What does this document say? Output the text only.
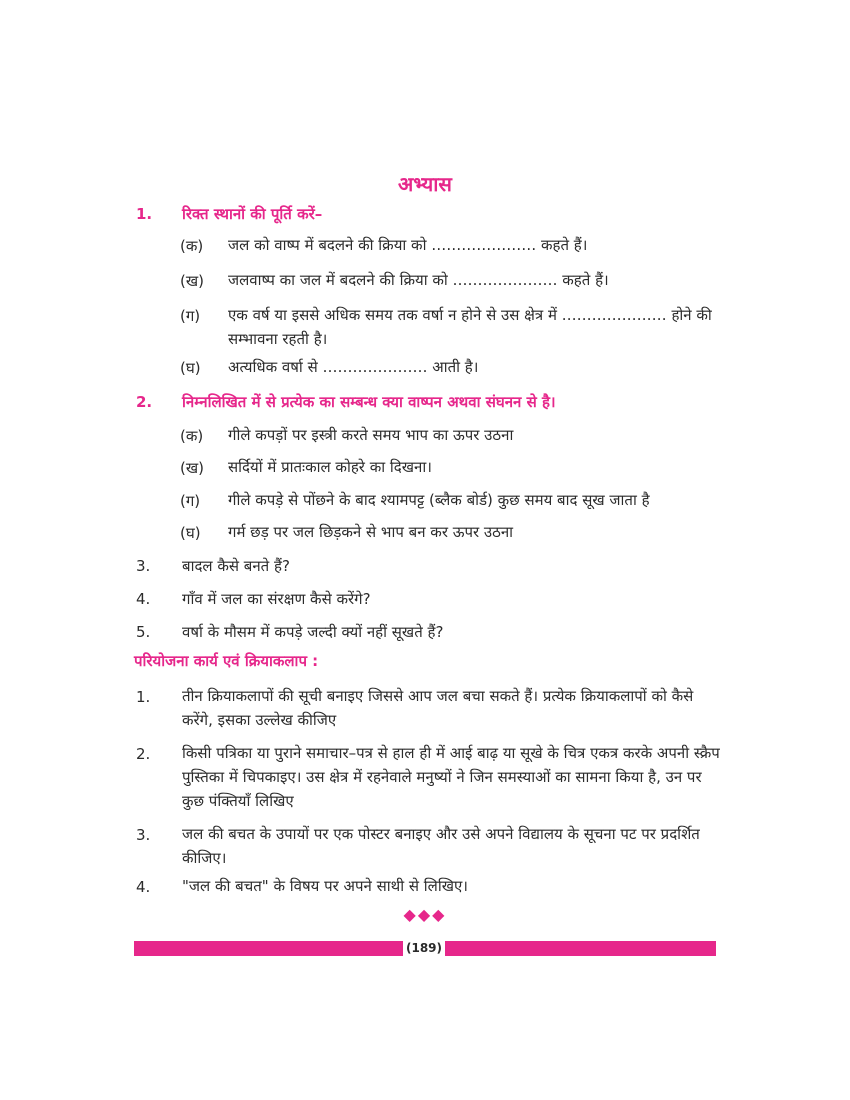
अभ्यास
1. रिक्त स्थानों की पूर्ति करें–
(क) जल को वाष्प में बदलने की क्रिया को ………………… कहते हैं।
(ख) जलवाष्प का जल में बदलने की क्रिया को ………………… कहते हैं।
(ग) एक वर्ष या इससे अधिक समय तक वर्षा न होने से उस क्षेत्र में ………………… होने की सम्भावना रहती है।
(घ) अत्यधिक वर्षा से ………………… आती है।
2. निम्नलिखित में से प्रत्येक का सम्बन्ध क्या वाष्पन अथवा संघनन से है।
(क) गीले कपड़ों पर इस्त्री करते समय भाप का ऊपर उठना
(ख) सर्दियों में प्रातःकाल कोहरे का दिखना।
(ग) गीले कपड़े से पोंछने के बाद श्यामपट्ट (ब्लैक बोर्ड) कुछ समय बाद सूख जाता है
(घ) गर्म छड़ पर जल छिड़कने से भाप बन कर ऊपर उठना
3. बादल कैसे बनते हैं?
4. गाँव में जल का संरक्षण कैसे करेंगे?
5. वर्षा के मौसम में कपड़े जल्दी क्यों नहीं सूखते हैं?
परियोजना कार्य एवं क्रियाकलाप :
1. तीन क्रियाकलापों की सूची बनाइए जिससे आप जल बचा सकते हैं। प्रत्येक क्रियाकलापों को कैसे करेंगे, इसका उल्लेख कीजिए
2. किसी पत्रिका या पुराने समाचार–पत्र से हाल ही में आई बाढ़ या सूखे के चित्र एकत्र करके अपनी स्क्रैप पुस्तिका में चिपकाइए। उस क्षेत्र में रहनेवाले मनुष्यों ने जिन समस्याओं का सामना किया है, उन पर कुछ पंक्तियाँ लिखिए
3. जल की बचत के उपायों पर एक पोस्टर बनाइए और उसे अपने विद्यालय के सूचना पट पर प्रदर्शित कीजिए।
4. "जल की बचत" के विषय पर अपने साथी से लिखिए।
◆◆◆
(189)
